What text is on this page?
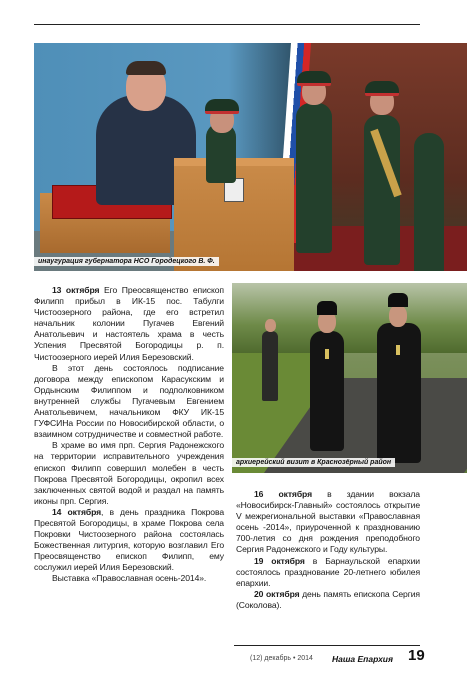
инаугурация губернатора НСО Городецкого В. Ф.
архиерейский визит в Краснозёрный район

13 октября Его Преосвященство епископ Филипп прибыл в ИК-15 пос. Табулги Чистоозерного района, где его встретил начальник колонии Пугачев Евгений Анатольевич и настоятель храма в честь Успения Пресвятой Богородицы р. п. Чистоозерного иерей Илия Березовский.

В этот день состоялось подписание договора между епископом Карасукским и Ордынским Филиппом и подполковником внутренней службы Пугачевым Евгением Анатольевичем, начальником ФКУ ИК-15 ГУФСИНа России по Новосибирской области, о взаимном сотрудничестве и совместной работе.

В храме во имя прп. Сергия Радонежского на территории исправительного учреждения епископ Филипп совершил молебен в честь Покрова Пресвятой Богородицы, окропил всех заключенных святой водой и раздал на память иконы прп. Сергия.

14 октября, в день праздника Покрова Пресвятой Богородицы, в храме Покрова села Покровки Чистоозерного района состоялась Божественная литургия, которую возглавил Его Преосвященство епископ Филипп, ему сослужил иерей Илия Березовский.

Выставка «Православная осень-2014».

16 октября в здании вокзала «Новосибирск-Главный» состоялось открытие V межрегиональной выставки «Православная осень -2014», приуроченной к празднованию 700-летия со дня рождения преподобного Сергия Радонежского и Году культуры.

19 октября в Барнаульской епархии состоялось празднование 20-летнего юбилея епархии.

20 октября день память епископа Сергия (Соколова).

(12) декабрь • 2014 Наша Епархия 19
